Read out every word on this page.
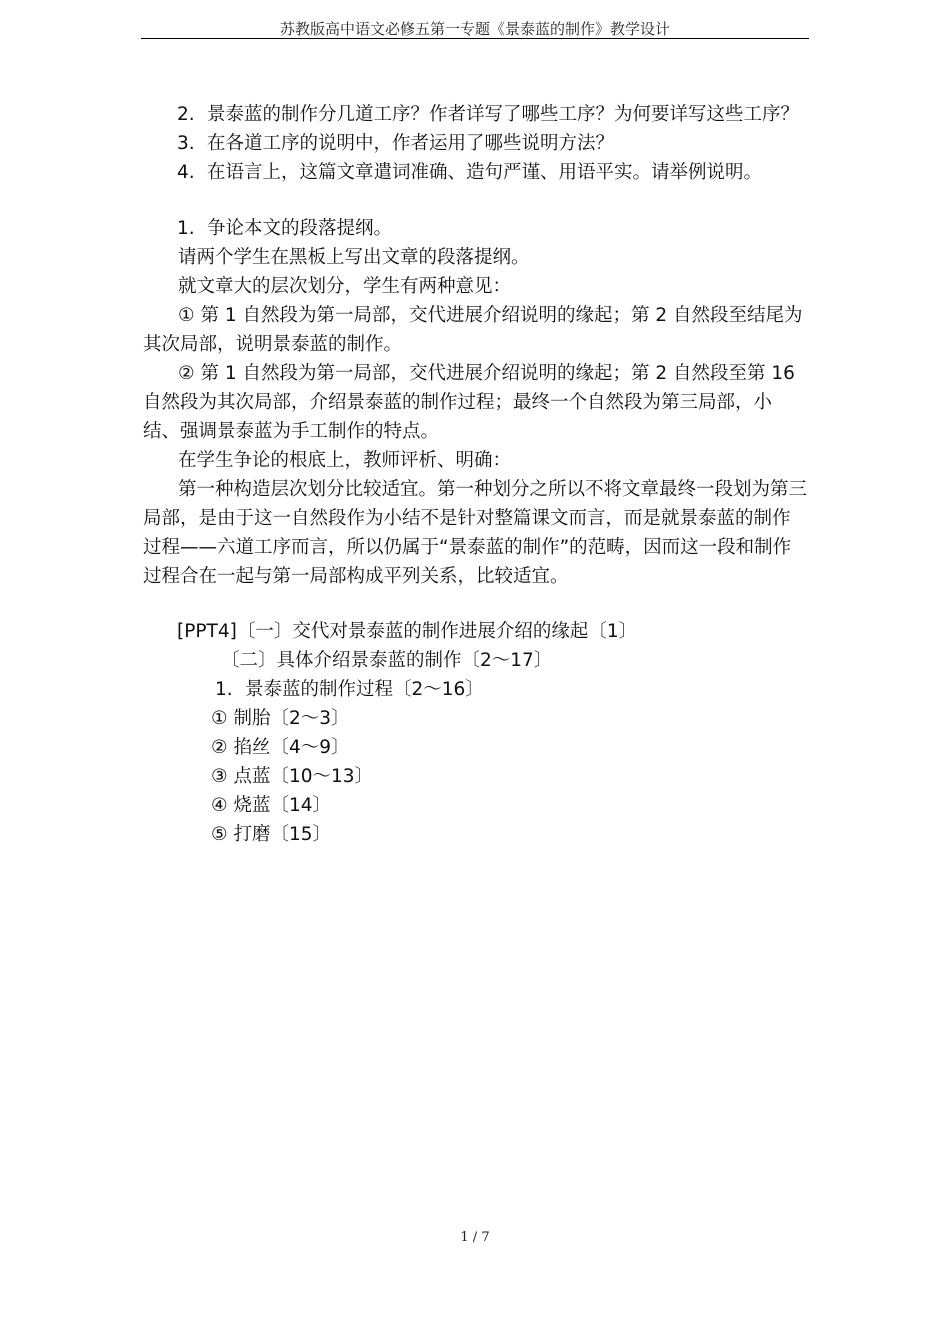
苏教版高中语文必修五第一专题《景泰蓝的制作》教学设计

2. 景泰蓝的制作分几道工序？作者详写了哪些工序？为何要详写这些工序？

3. 在各道工序的说明中，作者运用了哪些说明方法？

4. 在语言上，这篇文章遣词准确、造句严谨、用语平实。请举例说明。

1. 争论本文的段落提纲。

请两个学生在黑板上写出文章的段落提纲。

就文章大的层次划分，学生有两种意见：

① 第 1 自然段为第一局部，交代进展介绍说明的缘起；第 2 自然段至结尾为其次局部，说明景泰蓝的制作。

② 第 1 自然段为第一局部，交代进展介绍说明的缘起；第 2 自然段至第 16 自然段为其次局部，介绍景泰蓝的制作过程；最终一个自然段为第三局部，小结、强调景泰蓝为手工制作的特点。

在学生争论的根底上，教师评析、明确：

第一种构造层次划分比较适宜。第一种划分之所以不将文章最终一段划为第三局部，是由于这一自然段作为小结不是针对整篇课文而言，而是就景泰蓝的制作过程——六道工序而言，所以仍属于“景泰蓝的制作”的范畴，因而这一段和制作过程合在一起与第一局部构成平列关系，比较适宜。

[PPT4]〔一〕交代对景泰蓝的制作进展介绍的缘起〔1〕

〔二〕具体介绍景泰蓝的制作〔2～17〕

1. 景泰蓝的制作过程〔2～16〕

① 制胎〔2～3〕

② 掐丝〔4～9〕

③ 点蓝〔10～13〕

④ 烧蓝〔14〕

⑤ 打磨〔15〕

1 / 7
